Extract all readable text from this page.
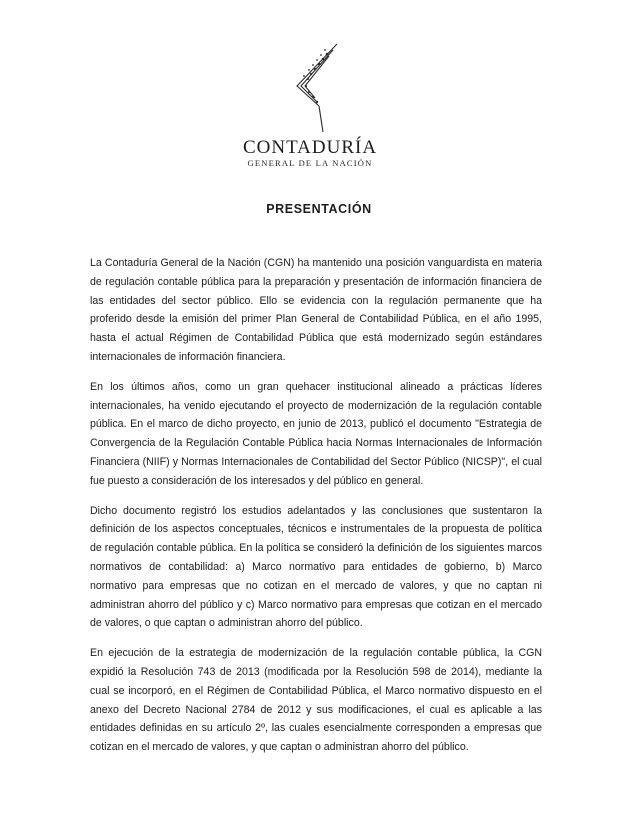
CONTADURÍA
GENERAL DE LA NACIÓN
PRESENTACIÓN

La Contaduría General de la Nación (CGN) ha mantenido una posición vanguardista en materia de regulación contable pública para la preparación y presentación de información financiera de las entidades del sector público. Ello se evidencia con la regulación permanente que ha proferido desde la emisión del primer Plan General de Contabilidad Pública, en el año 1995, hasta el actual Régimen de Contabilidad Pública que está modernizado según estándares internacionales de información financiera.

En los últimos años, como un gran quehacer institucional alineado a prácticas líderes internacionales, ha venido ejecutando el proyecto de modernización de la regulación contable pública. En el marco de dicho proyecto, en junio de 2013, publicó el documento "Estrategia de Convergencia de la Regulación Contable Pública hacia Normas Internacionales de Información Financiera (NIIF) y Normas Internacionales de Contabilidad del Sector Público (NICSP)", el cual fue puesto a consideración de los interesados y del público en general.

Dicho documento registró los estudios adelantados y las conclusiones que sustentaron la definición de los aspectos conceptuales, técnicos e instrumentales de la propuesta de política de regulación contable pública. En la política se consideró la definición de los siguientes marcos normativos de contabilidad: a) Marco normativo para entidades de gobierno, b) Marco normativo para empresas que no cotizan en el mercado de valores, y que no captan ni administran ahorro del público y c) Marco normativo para empresas que cotizan en el mercado de valores, o que captan o administran ahorro del público.

En ejecución de la estrategia de modernización de la regulación contable pública, la CGN expidió la Resolución 743 de 2013 (modificada por la Resolución 598 de 2014), mediante la cual se incorporó, en el Régimen de Contabilidad Pública, el Marco normativo dispuesto en el anexo del Decreto Nacional 2784 de 2012 y sus modificaciones, el cual es aplicable a las entidades definidas en su artículo 2º, las cuales esencialmente corresponden a empresas que cotizan en el mercado de valores, y que captan o administran ahorro del público.
